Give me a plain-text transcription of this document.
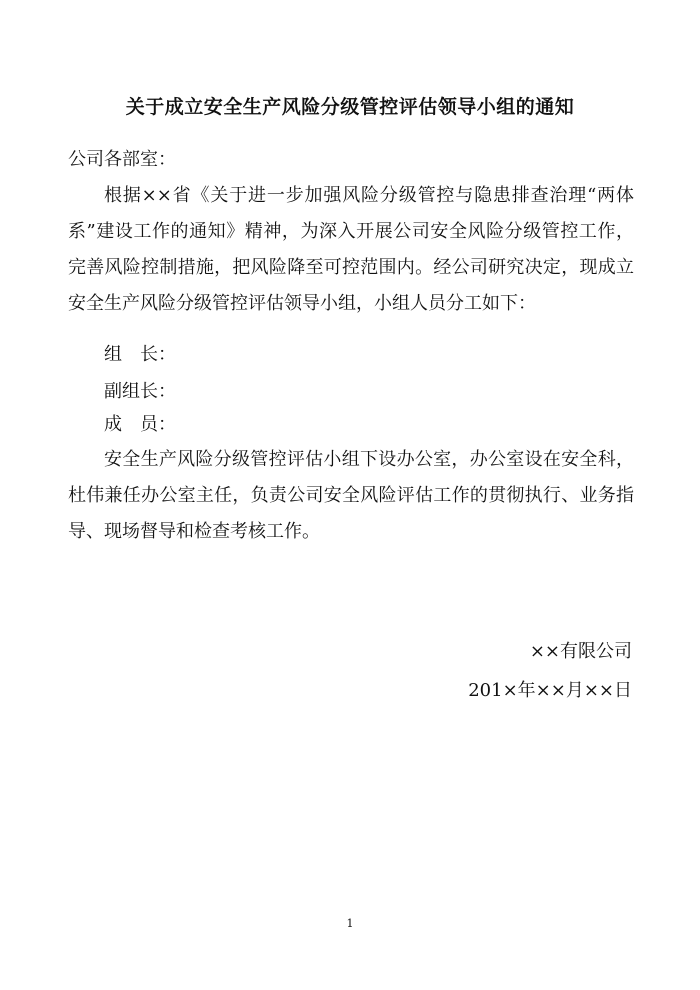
关于成立安全生产风险分级管控评估领导小组的通知
公司各部室：
根据××省《关于进一步加强风险分级管控与隐患排查治理“两体系”建设工作的通知》精神，为深入开展公司安全风险分级管控工作，完善风险控制措施，把风险降至可控范围内。经公司研究决定，现成立安全生产风险分级管控评估领导小组，小组人员分工如下：
组　长：
副组长：
成　员：
安全生产风险分级管控评估小组下设办公室，办公室设在安全科，杜伟兼任办公室主任，负责公司安全风险评估工作的贯彻执行、业务指导、现场督导和检查考核工作。
××有限公司
201×年××月××日
1
